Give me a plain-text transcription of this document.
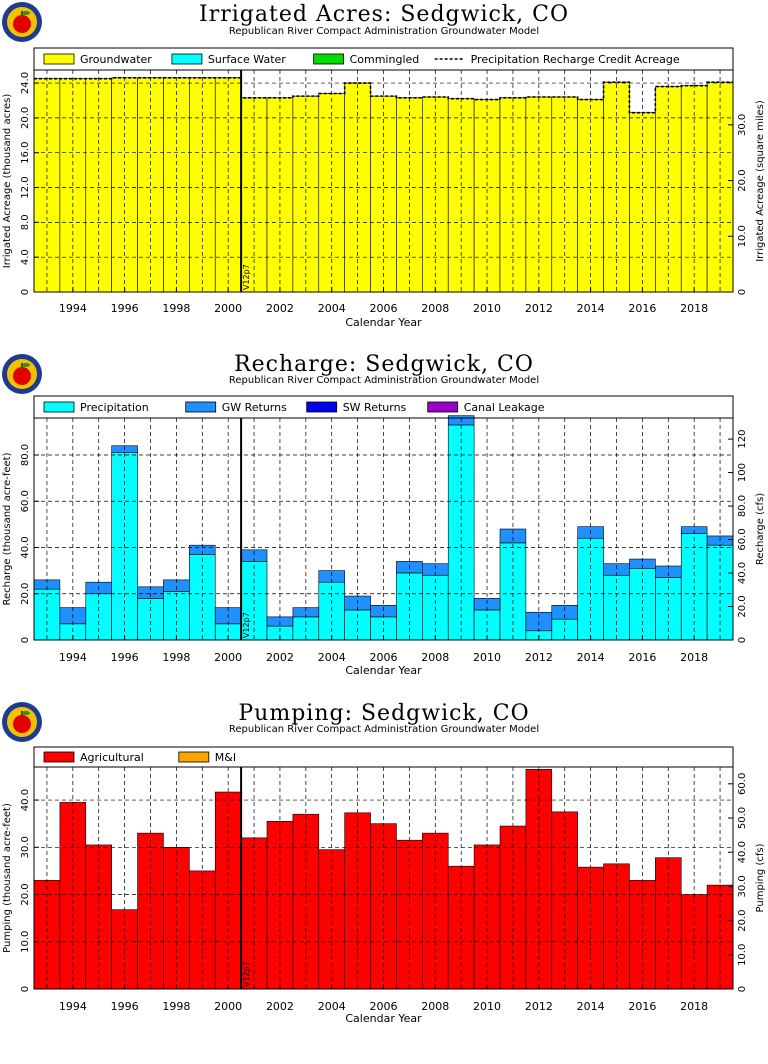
Irrigated Acres: Sedgwick, CO
Republican River Compact Administration Groundwater Model
Groundwater	Surface Water	Commingled	Precipitation Recharge Credit Acreage
V12p7
0
4.0
8.0
12.0
16.0
20.0
24.0
0
10.0
20.0
30.0
1994 1996 1998 2000 2002 2004 2006 2008 2010 2012 2014 2016 2018
Calendar Year
Irrigated Acreage (thousand acres)	Irrigated Acreage (square miles)
Recharge: Sedgwick, CO
Republican River Compact Administration Groundwater Model
Precipitation	GW Returns	SW Returns	Canal Leakage
V12p7
0
20.0
40.0
60.0
80.0
0
20.0
40.0
60.0
80.0
100
120
1994 1996 1998 2000 2002 2004 2006 2008 2010 2012 2014 2016 2018
Calendar Year
Recharge (thousand acre-feet)	Recharge (cfs)
Pumping: Sedgwick, CO
Republican River Compact Administration Groundwater Model
Agricultural	M&I
V12p7
0
10.0
20.0
30.0
40.0
0
10.0
20.0
30.0
40.0
50.0
60.0
1994 1996 1998 2000 2002 2004 2006 2008 2010 2012 2014 2016 2018
Calendar Year
Pumping (thousand acre-feet)	Pumping (cfs)
